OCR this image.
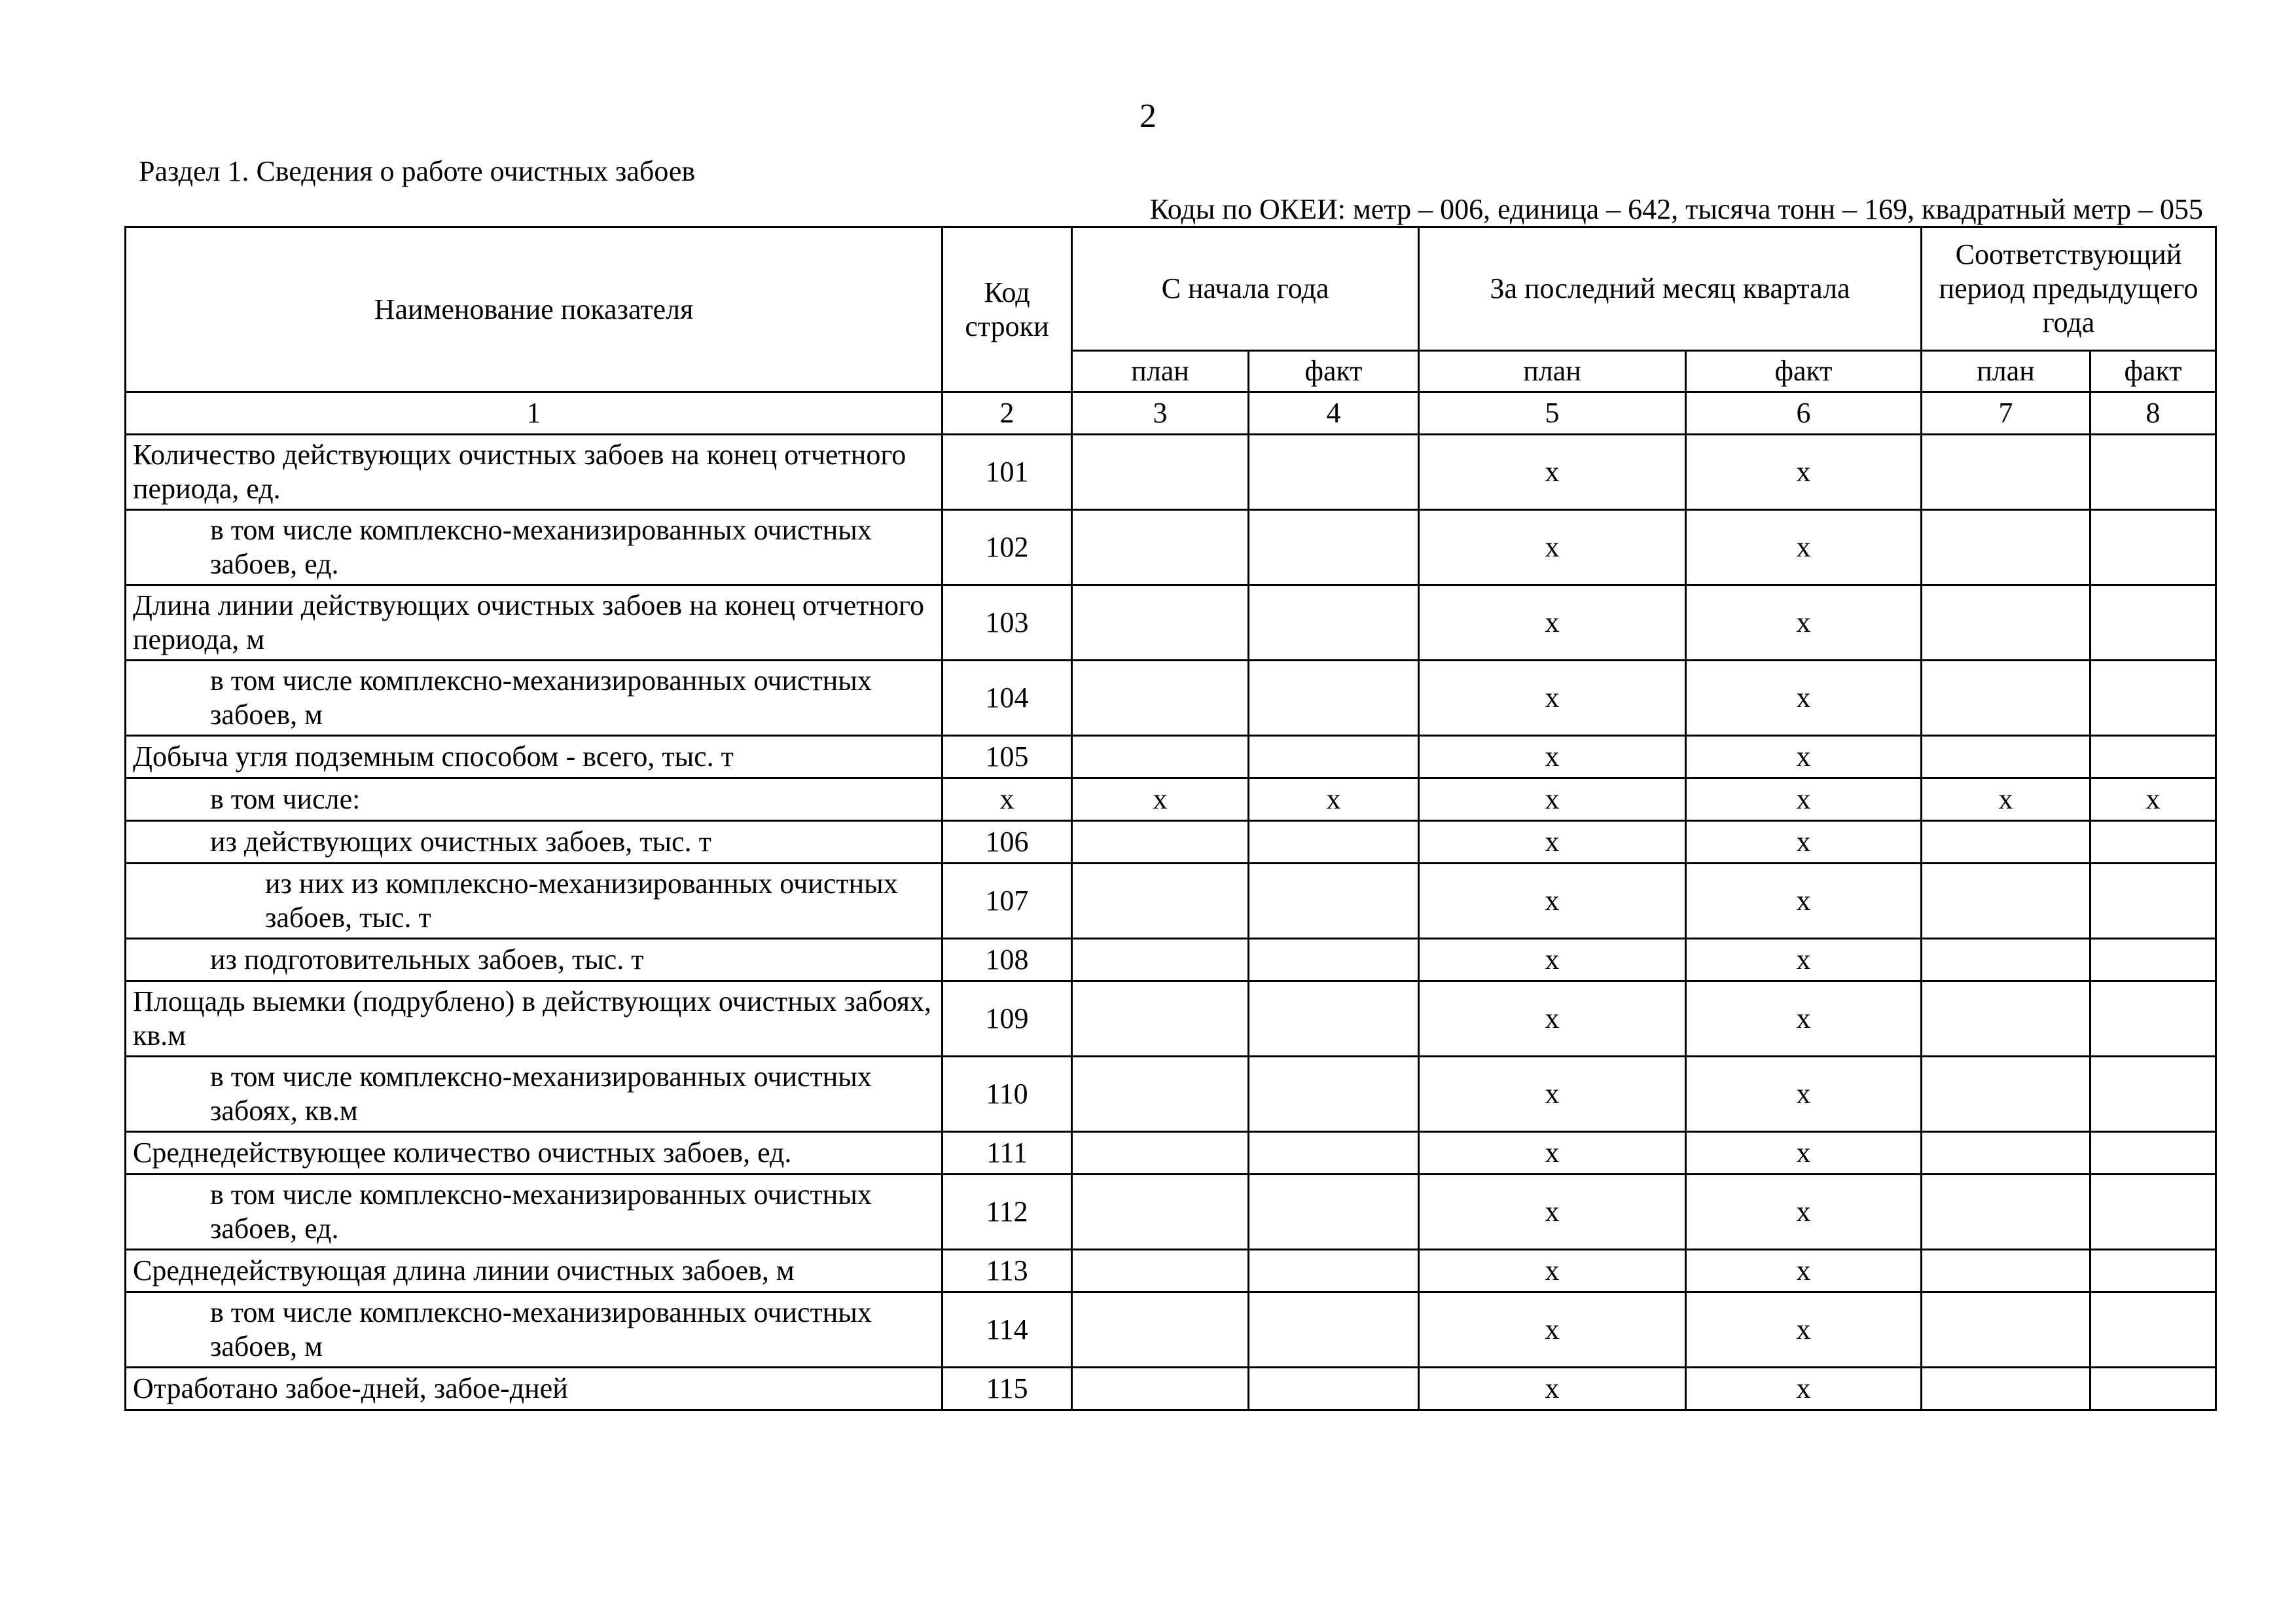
2
Раздел 1. Сведения о работе очистных забоев
Коды по ОКЕИ: метр – 006, единица – 642, тысяча тонн – 169, квадратный метр – 055
Наименование показателя	Код строки	С начала года		За последний месяц квартала		Соответствующий период предыдущего года	
		план	факт	план	факт	план	факт
1	2	3	4	5	6	7	8
Количество действующих очистных забоев на конец отчетного периода, ед.	101			x	x		
в том числе комплексно-механизированных очистных забоев, ед.	102			x	x		
Длина линии действующих очистных забоев на конец отчетного периода, м	103			x	x		
в том числе комплексно-механизированных очистных забоев, м	104			x	x		
Добыча угля подземным способом - всего, тыс. т	105			x	x		
в том числе:	x	x	x	x	x	x	x
из действующих очистных забоев, тыс. т	106			x	x		
из них из комплексно-механизированных очистных забоев, тыс. т	107			x	x		
из подготовительных забоев, тыс. т	108			x	x		
Площадь выемки (подрублено) в действующих очистных забоях, кв.м	109			x	x		
в том числе комплексно-механизированных очистных забоях, кв.м	110			x	x		
Среднедействующее количество очистных забоев, ед.	111			x	x		
в том числе комплексно-механизированных очистных забоев, ед.	112			x	x		
Среднедействующая длина линии очистных забоев, м	113			x	x		
в том числе комплексно-механизированных очистных забоев, м	114			x	x		
Отработано забое-дней, забое-дней	115			x	x		
